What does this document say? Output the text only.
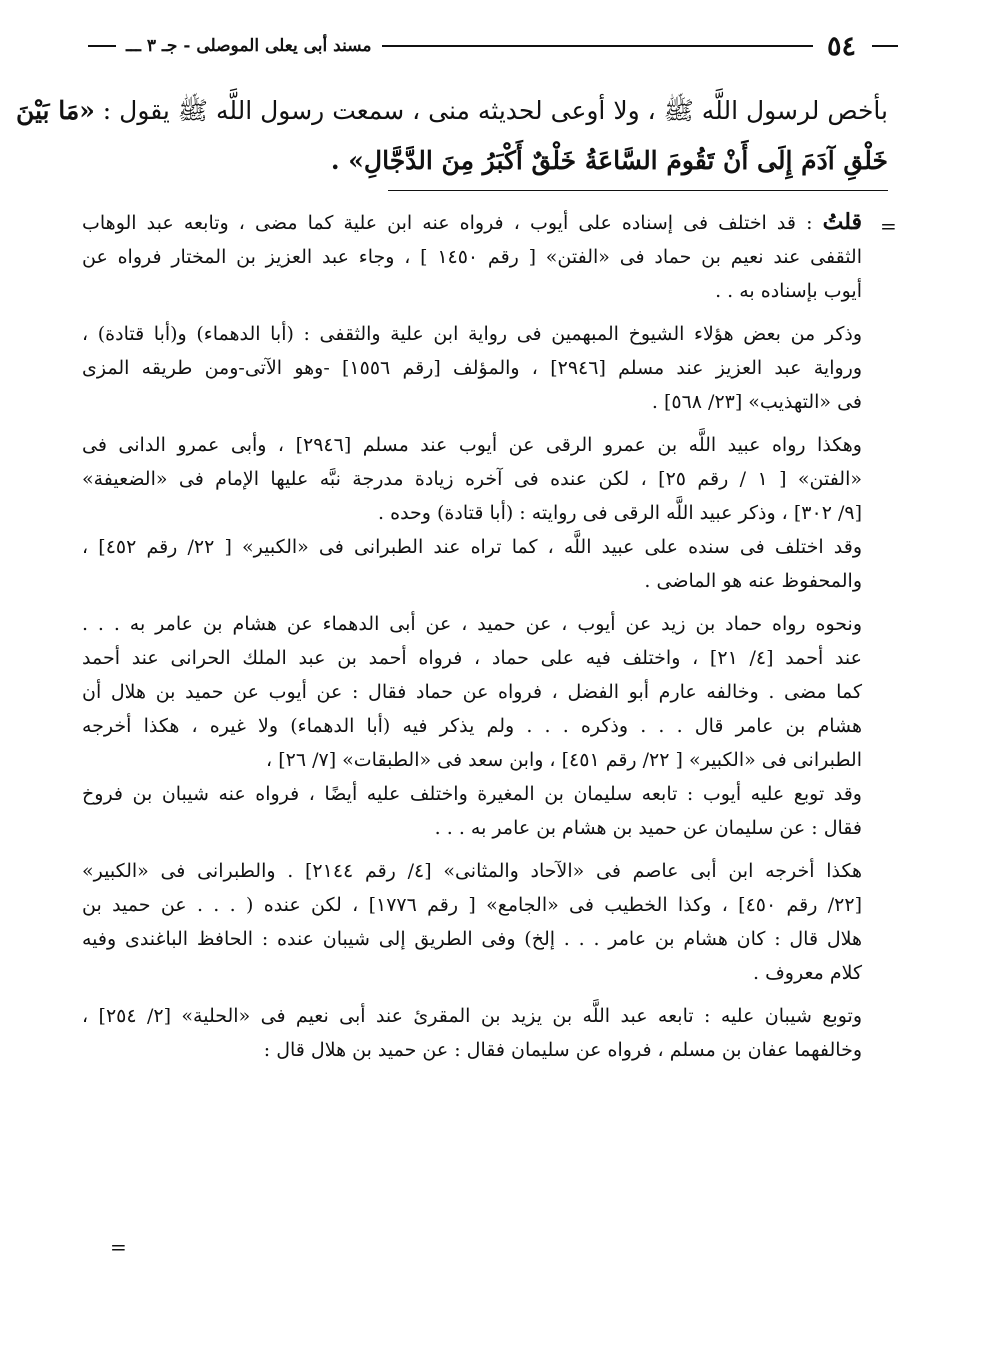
٥٤
مسند أبى يعلى الموصلى - جـ ٣ ـــ
بأخص لرسول اللَّه ﷺ ، ولا أوعى لحديثه منى ، سمعت رسول اللَّه ﷺ يقول : «مَا بَيْنَ
خَلْقِ آدَمَ إِلَى أَنْ تَقُومَ السَّاعَةُ خَلْقٌ أَكْبَرُ مِنَ الدَّجَّالِ» .
=
قلتُ : قد اختلف فى إسناده على أيوب ، فرواه عنه ابن علية كما مضى ، وتابعه عبد الوهاب
الثقفى عند نعيم بن حماد فى «الفتن» [ رقم ١٤٥٠ ] ، وجاء عبد العزيز بن المختار فرواه عن
أيوب بإسناده به . .
وذكر من بعض هؤلاء الشيوخ المبهمين فى رواية ابن علية والثقفى : (أبا الدهماء) و(أبا قتادة) ،
ورواية عبد العزيز عند مسلم [٢٩٤٦] ، والمؤلف [رقم ١٥٥٦] -وهو الآتى-ومن طريقه المزى
فى «التهذيب» [٢٣/ ٥٦٨] .
وهكذا رواه عبيد اللَّه بن عمرو الرقى عن أيوب عند مسلم [٢٩٤٦] ، وأبى عمرو الدانى فى
«الفتن» [ ١ / رقم ٢٥] ، لكن عنده فى آخره زيادة مدرجة نبَّه عليها الإمام فى «الضعيفة»
[٩/ ٣٠٢] ، وذكر عبيد اللَّه الرقى فى روايته : (أبا قتادة) وحده .
وقد اختلف فى سنده على عبيد اللَّه ، كما تراه عند الطبرانى فى «الكبير» [ ٢٢/ رقم ٤٥٢] ،
والمحفوظ عنه هو الماضى .
ونحوه رواه حماد بن زيد عن أيوب ، عن حميد ، عن أبى الدهماء عن هشام بن عامر به . . .
عند أحمد [٤/ ٢١] ، واختلف فيه على حماد ، فرواه أحمد بن عبد الملك الحرانى عند أحمد
كما مضى . وخالفه عارم أبو الفضل ، فرواه عن حماد فقال : عن أيوب عن حميد بن هلال أن
هشام بن عامر قال . . . وذكره . . . ولم يذكر فيه (أبا الدهماء) ولا غيره ، هكذا أخرجه
الطبرانى فى «الكبير» [ ٢٢/ رقم ٤٥١] ، وابن سعد فى «الطبقات» [٧/ ٢٦] ،
وقد توبع عليه أيوب : تابعه سليمان بن المغيرة واختلف عليه أيضًا ، فرواه عنه شيبان بن فروخ
فقال : عن سليمان عن حميد بن هشام بن عامر به . . .
هكذا أخرجه ابن أبى عاصم فى «الآحاد والمثانى» [٤/ رقم ٢١٤٤] . والطبرانى فى «الكبير»
[٢٢/ رقم ٤٥٠] ، وكذا الخطيب فى «الجامع» [ رقم ١٧٧٦] ، لكن عنده ( . . . عن حميد بن
هلال قال : كان هشام بن عامر . . . إلخ) وفى الطريق إلى شيبان عنده : الحافظ الباغندى وفيه
كلام معروف .
وتوبع شيبان عليه : تابعه عبد اللَّه بن يزيد بن المقرئ عند أبى نعيم فى «الحلية» [٢/ ٢٥٤] ،
وخالفهما عفان بن مسلم ، فرواه عن سليمان فقال : عن حميد بن هلال قال :
=
